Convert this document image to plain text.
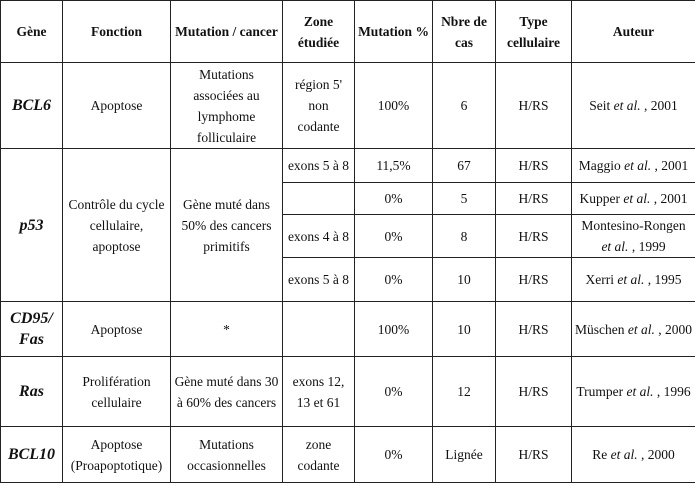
Gène	Fonction	Mutation / cancer	Zone étudiée	Mutation %	Nbre de cas	Type cellulaire	Auteur
BCL6	Apoptose	Mutations associées au lymphome folliculaire	région 5' non codante	100%	6	H/RS	Seit et al. , 2001
p53	Contrôle du cycle cellulaire, apoptose	Gène muté dans 50% des cancers primitifs	exons 5 à 8	11,5%	67	H/RS	Maggio et al. , 2001
				0%	5	H/RS	Kupper et al. , 2001
			exons 4 à 8	0%	8	H/RS	Montesino-Rongen et al. , 1999
			exons 5 à 8	0%	10	H/RS	Xerri et al. , 1995
CD95/ Fas	Apoptose	*		100%	10	H/RS	Müschen et al. , 2000
Ras	Prolifération cellulaire	Gène muté dans 30 à 60% des cancers	exons 12, 13 et 61	0%	12	H/RS	Trumper et al. , 1996
BCL10	Apoptose (Proapoptotique)	Mutations occasionnelles	zone codante	0%	Lignée	H/RS	Re et al. , 2000
